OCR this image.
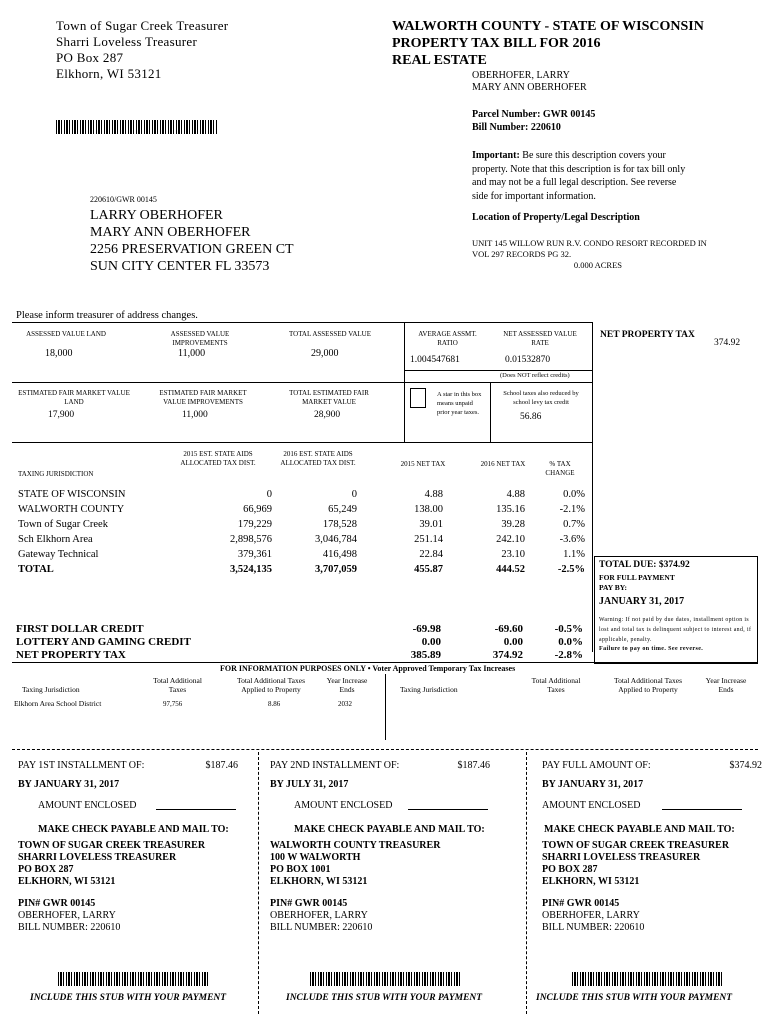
Town of Sugar Creek Treasurer
Sharri Loveless Treasurer
PO Box 287
Elkhorn, WI 53121
WALWORTH COUNTY - STATE OF WISCONSIN
PROPERTY TAX BILL FOR 2016
REAL ESTATE
OBERHOFER, LARRY
MARY ANN OBERHOFER
Parcel Number: GWR 00145
Bill Number: 220610
Important: Be sure this description covers your property. Note that this description is for tax bill only and may not be a full legal description. See reverse side for important information.
Location of Property/Legal Description
UNIT 145 WILLOW RUN R.V. CONDO RESORT RECORDED IN
VOL 297 RECORDS PG 32.
0.000 ACRES
220610/GWR 00145
LARRY OBERHOFER
MARY ANN OBERHOFER
2256 PRESERVATION GREEN CT
SUN CITY CENTER FL 33573
Please inform treasurer of address changes.
ASSESSED VALUE LAND
18,000
ASSESSED VALUE IMPROVEMENTS
11,000
TOTAL ASSESSED VALUE
29,000
AVERAGE ASSMT. RATIO
1.004547681
NET ASSESSED VALUE RATE
0.01532870
(Does NOT reflect credits)
NET PROPERTY TAX
374.92
ESTIMATED FAIR MARKET VALUE LAND
17,900
ESTIMATED FAIR MARKET VALUE IMPROVEMENTS
11,000
TOTAL ESTIMATED FAIR MARKET VALUE
28,900
A star in this box means unpaid prior year taxes.
School taxes also reduced by school levy tax credit
56.86
TAXING JURISDICTION
2015 EST. STATE AIDS ALLOCATED TAX DIST.
2016 EST. STATE AIDS ALLOCATED TAX DIST.	2015 NET TAX	2016 NET TAX	% TAX CHANGE
STATE OF WISCONSIN	0	0	4.88	4.88	0.0%
WALWORTH COUNTY	66,969	65,249	138.00	135.16	-2.1%
Town of Sugar Creek	179,229	178,528	39.01	39.28	0.7%
Sch Elkhorn Area	2,898,576	3,046,784	251.14	242.10	-3.6%
Gateway Technical	379,361	416,498	22.84	23.10	1.1%
TOTAL	3,524,135	3,707,059	455.87	444.52	-2.5%
FIRST DOLLAR CREDIT	-69.98	-69.60	-0.5%
LOTTERY AND GAMING CREDIT	0.00	0.00	0.0%
NET PROPERTY TAX	385.89	374.92	-2.8%
TOTAL DUE: $374.92
FOR FULL PAYMENT
PAY BY:
JANUARY 31, 2017
Warning: If not paid by due dates, installment option is lost and total tax is delinquent subject to interest and, if applicable, penalty.
Failure to pay on time. See reverse.
FOR INFORMATION PURPOSES ONLY • Voter Approved Temporary Tax Increases
Taxing Jurisdiction
Total Additional Taxes
Total Additional Taxes Applied to Property
Year Increase Ends	Taxing Jurisdiction
Total Additional Taxes
Total Additional Taxes Applied to Property
Year Increase Ends
Elkhorn Area School District	97,756	8.86	2032
PAY 1ST INSTALLMENT OF:	$187.46
BY JANUARY 31, 2017
AMOUNT ENCLOSED
MAKE CHECK PAYABLE AND MAIL TO:
TOWN OF SUGAR CREEK TREASURER
SHARRI LOVELESS TREASURER
PO BOX 287
ELKHORN, WI 53121
PIN# GWR 00145
OBERHOFER, LARRY
BILL NUMBER: 220610
INCLUDE THIS STUB WITH YOUR PAYMENT
PAY 2ND INSTALLMENT OF:	$187.46
BY JULY 31, 2017
AMOUNT ENCLOSED
MAKE CHECK PAYABLE AND MAIL TO:
WALWORTH COUNTY TREASURER
100 W WALWORTH
PO BOX 1001
ELKHORN, WI 53121
PIN# GWR 00145
OBERHOFER, LARRY
BILL NUMBER: 220610
INCLUDE THIS STUB WITH YOUR PAYMENT
PAY FULL AMOUNT OF:	$374.92
BY JANUARY 31, 2017
AMOUNT ENCLOSED
MAKE CHECK PAYABLE AND MAIL TO:
TOWN OF SUGAR CREEK TREASURER
SHARRI LOVELESS TREASURER
PO BOX 287
ELKHORN, WI 53121
PIN# GWR 00145
OBERHOFER, LARRY
BILL NUMBER: 220610
INCLUDE THIS STUB WITH YOUR PAYMENT
